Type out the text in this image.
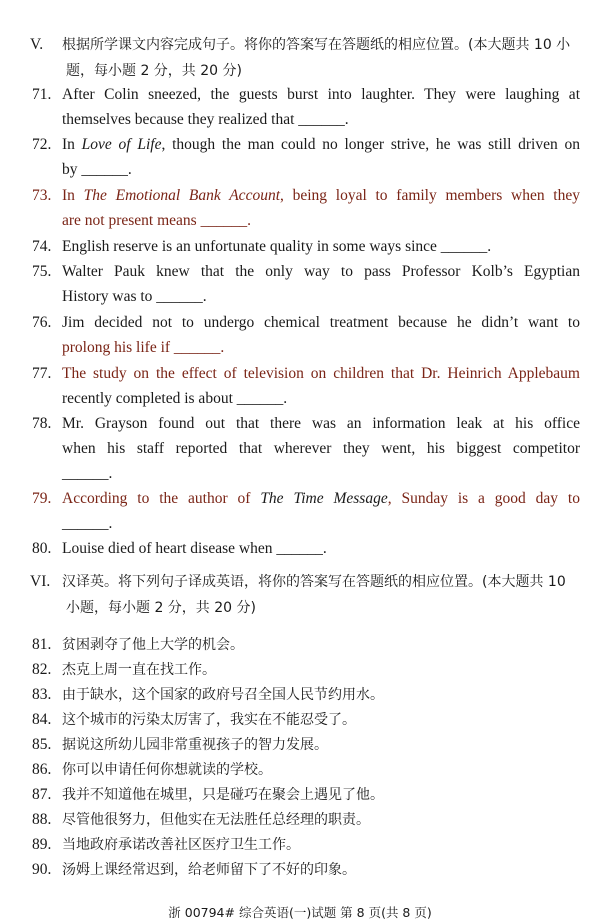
V. 根据所学课文内容完成句子。将你的答案写在答题纸的相应位置。(本大题共 10 小
题，每小题 2 分，共 20 分)
71. After Colin sneezed, the guests burst into laughter. They were laughing at
themselves because they realized that ______.
72. In Love of Life, though the man could no longer strive, he was still driven on
by ______.
73. In The Emotional Bank Account, being loyal to family members when they
are not present means ______.
74. English reserve is an unfortunate quality in some ways since ______.
75. Walter Pauk knew that the only way to pass Professor Kolb’s Egyptian
History was to ______.
76. Jim decided not to undergo chemical treatment because he didn’t want to
prolong his life if ______.
77. The study on the effect of television on children that Dr. Heinrich Applebaum
recently completed is about ______.
78. Mr. Grayson found out that there was an information leak at his office
when his staff reported that wherever they went, his biggest competitor
______.
79. According to the author of The Time Message, Sunday is a good day to
______.
80. Louise died of heart disease when ______.
VI. 汉译英。将下列句子译成英语，将你的答案写在答题纸的相应位置。(本大题共 10
小题，每小题 2 分，共 20 分)
81. 贫困剥夺了他上大学的机会。
82. 杰克上周一直在找工作。
83. 由于缺水，这个国家的政府号召全国人民节约用水。
84. 这个城市的污染太厉害了，我实在不能忍受了。
85. 据说这所幼儿园非常重视孩子的智力发展。
86. 你可以申请任何你想就读的学校。
87. 我并不知道他在城里，只是碰巧在聚会上遇见了他。
88. 尽管他很努力，但他实在无法胜任总经理的职责。
89. 当地政府承诺改善社区医疗卫生工作。
90. 汤姆上课经常迟到，给老师留下了不好的印象。
浙 00794# 综合英语(一)试题 第 8 页(共 8 页)
